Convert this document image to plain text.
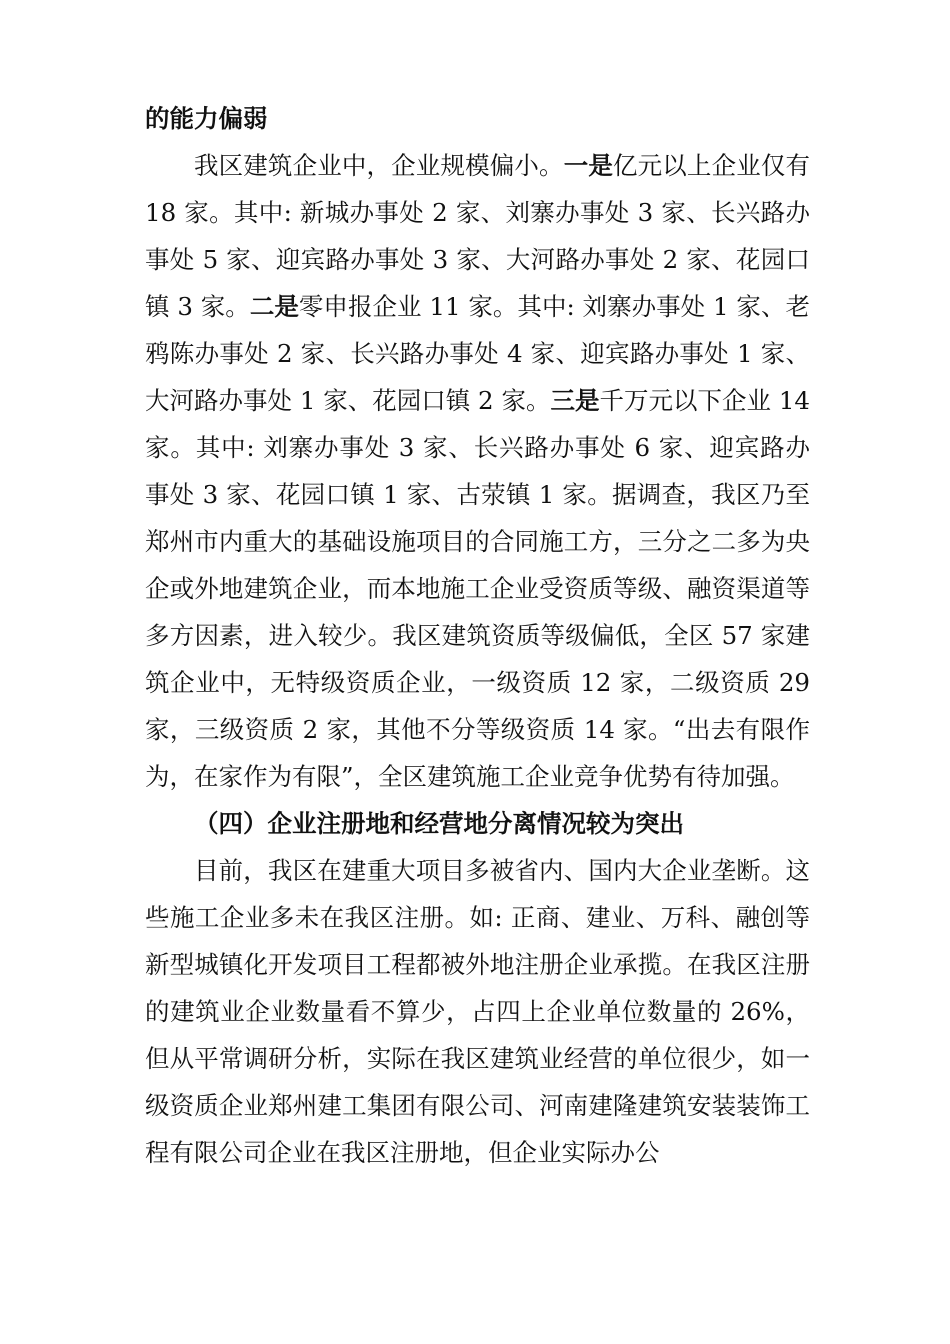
的能力偏弱

我区建筑企业中，企业规模偏小。一是亿元以上企业仅有 18 家。其中: 新城办事处 2 家、刘寨办事处 3 家、长兴路办事处 5 家、迎宾路办事处 3 家、大河路办事处 2 家、花园口镇 3 家。二是零申报企业 11 家。其中: 刘寨办事处 1 家、老鸦陈办事处 2 家、长兴路办事处 4 家、迎宾路办事处 1 家、大河路办事处 1 家、花园口镇 2 家。三是千万元以下企业 14 家。其中: 刘寨办事处 3 家、长兴路办事处 6 家、迎宾路办事处 3 家、花园口镇 1 家、古荥镇 1 家。据调查，我区乃至郑州市内重大的基础设施项目的合同施工方，三分之二多为央企或外地建筑企业，而本地施工企业受资质等级、融资渠道等多方因素，进入较少。我区建筑资质等级偏低，全区 57 家建筑企业中，无特级资质企业，一级资质 12 家，二级资质 29 家，三级资质 2 家，其他不分等级资质 14 家。“出去有限作为，在家作为有限”，全区建筑施工企业竞争优势有待加强。

（四）企业注册地和经营地分离情况较为突出

目前，我区在建重大项目多被省内、国内大企业垄断。这些施工企业多未在我区注册。如: 正商、建业、万科、融创等新型城镇化开发项目工程都被外地注册企业承揽。在我区注册的建筑业企业数量看不算少，占四上企业单位数量的 26%，但从平常调研分析，实际在我区建筑业经营的单位很少，如一级资质企业郑州建工集团有限公司、河南建隆建筑安装装饰工程有限公司企业在我区注册地，但企业实际办公
